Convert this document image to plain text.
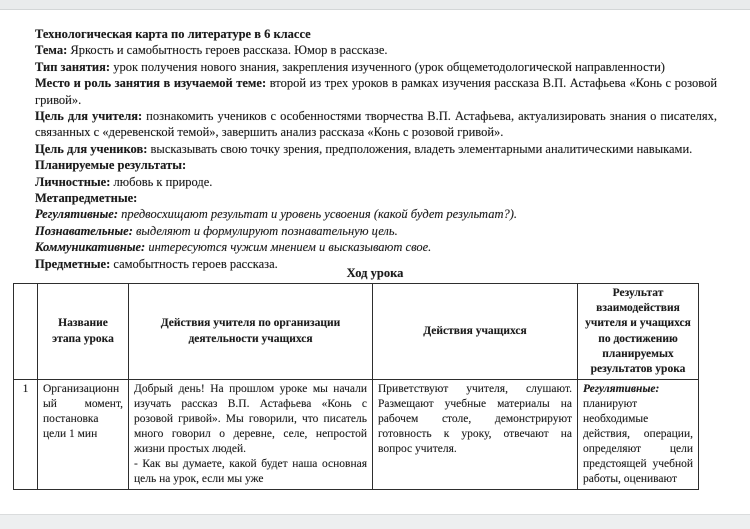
Технологическая карта по литературе в 6 классе

Тема: Яркость и самобытность героев рассказа. Юмор в рассказе.

Тип занятия: урок получения нового знания, закрепления изученного (урок общеметодологической направленности)

Место и роль занятия в изучаемой теме: второй из трех уроков в рамках изучения рассказа В.П. Астафьева «Конь с розовой гривой».

Цель для учителя: познакомить учеников с особенностями творчества В.П. Астафьева, актуализировать знания о писателях, связанных с «деревенской темой», завершить анализ рассказа «Конь с розовой гривой».

Цель для учеников: высказывать свою точку зрения, предположения, владеть элементарными аналитическими навыками.

Планируемые результаты:

Личностные: любовь к природе.

Метапредметные:

Регулятивные: предвосхищают результат и уровень усвоения (какой будет результат?).

Познавательные: выделяют и формулируют познавательную цель.

Коммуникативные: интересуются чужим мнением и высказывают свое.

Предметные: самобытность героев рассказа.

Ход урока
	Название этапа урока	Действия учителя по организации деятельности учащихся	Действия учащихся	Результат взаимодействия учителя и учащихся по достижению планируемых результатов урока
1	Организационный момент, постановка цели 1 мин	Добрый день! На прошлом уроке мы начали изучать рассказ В.П. Астафьева «Конь с розовой гривой». Мы говорили, что писатель много говорил о деревне, селе, непростой жизни простых людей.

- Как вы думаете, какой будет наша основная цель на урок, если мы уже	Приветствуют учителя, слушают. Размещают учебные материалы на рабочем столе, демонстрируют готовность к уроку, отвечают на вопрос учителя.	Регулятивные: планируют необходимые действия, операции, определяют цели предстоящей учебной работы, оценивают
